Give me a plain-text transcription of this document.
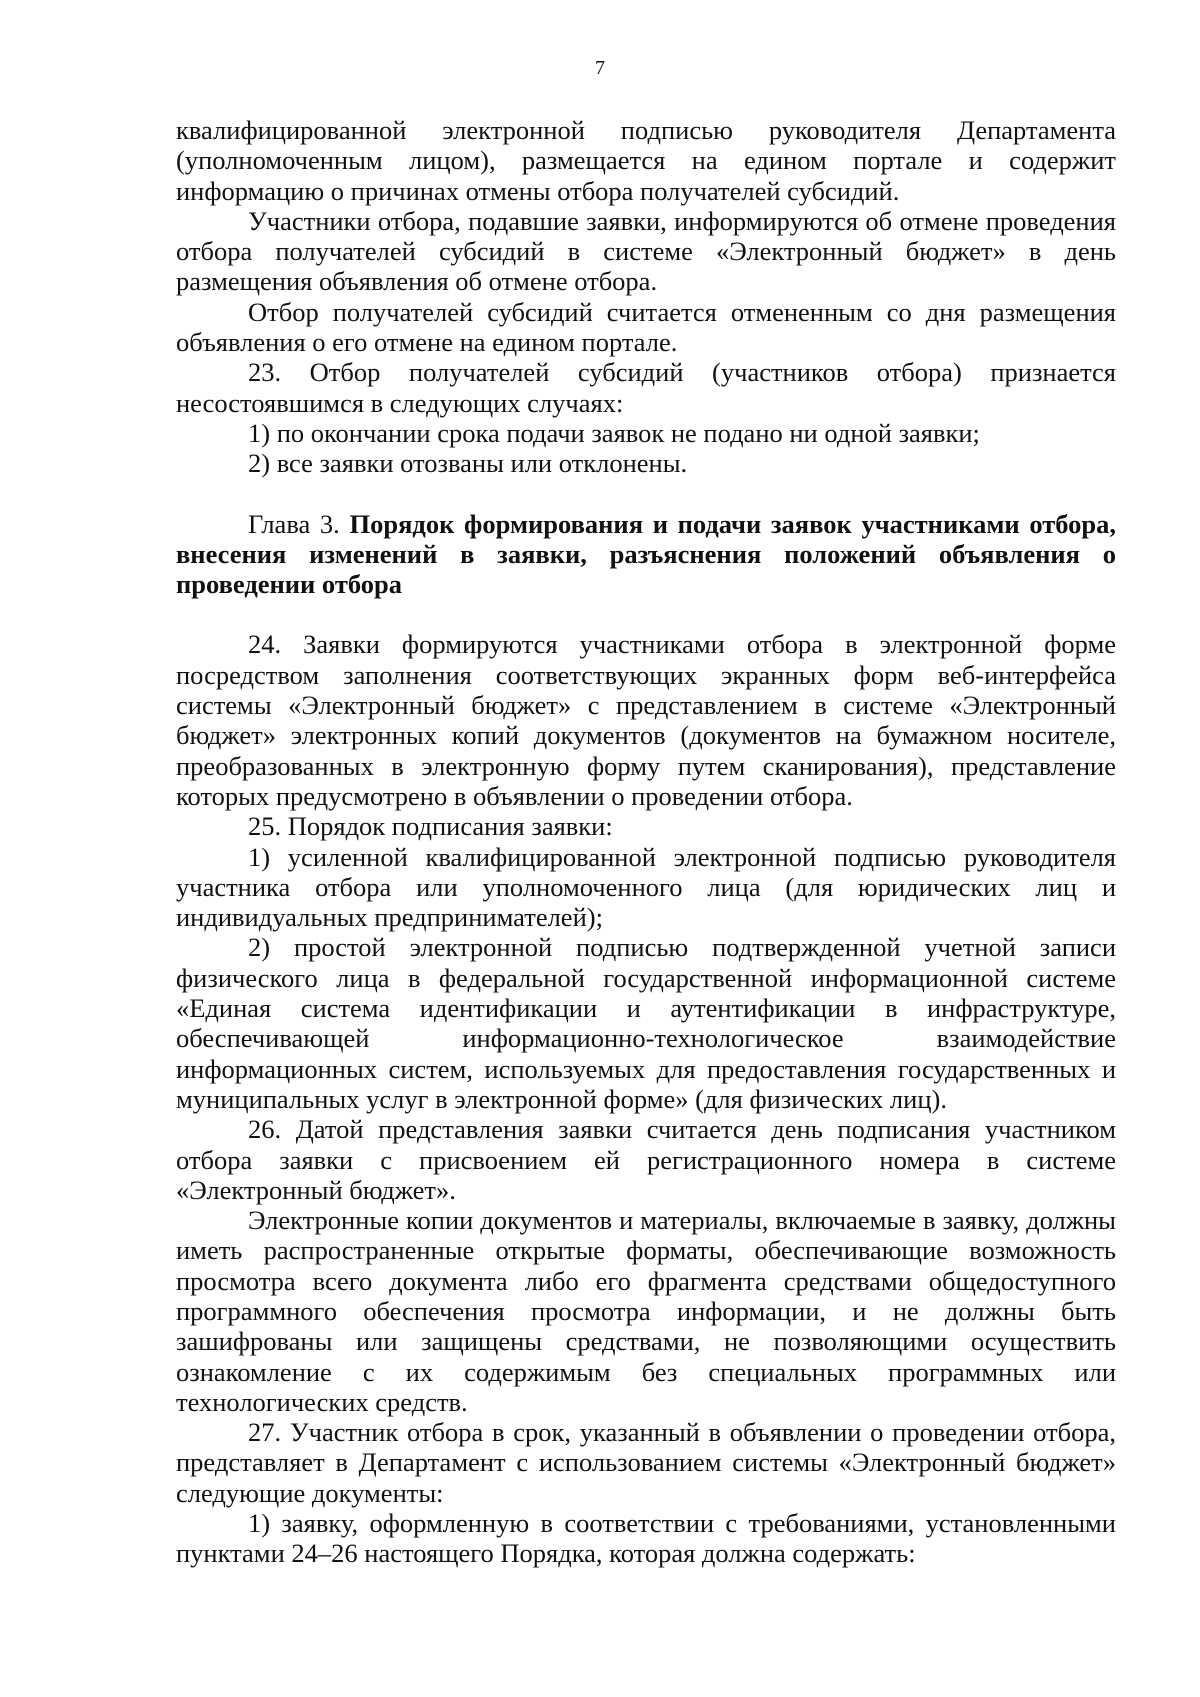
7

квалифицированной электронной подписью руководителя Департамента (уполномоченным лицом), размещается на едином портале и содержит информацию о причинах отмены отбора получателей субсидий.

Участники отбора, подавшие заявки, информируются об отмене проведения отбора получателей субсидий в системе «Электронный бюджет» в день размещения объявления об отмене отбора.

Отбор получателей субсидий считается отмененным со дня размещения объявления о его отмене на едином портале.

23. Отбор получателей субсидий (участников отбора) признается несостоявшимся в следующих случаях:

1) по окончании срока подачи заявок не подано ни одной заявки;

2) все заявки отозваны или отклонены.

Глава 3. Порядок формирования и подачи заявок участниками отбора, внесения изменений в заявки, разъяснения положений объявления о проведении отбора

24. Заявки формируются участниками отбора в электронной форме посредством заполнения соответствующих экранных форм веб-интерфейса системы «Электронный бюджет» с представлением в системе «Электронный бюджет» электронных копий документов (документов на бумажном носителе, преобразованных в электронную форму путем сканирования), представление которых предусмотрено в объявлении о проведении отбора.

25. Порядок подписания заявки:

1) усиленной квалифицированной электронной подписью руководителя участника отбора или уполномоченного лица (для юридических лиц и индивидуальных предпринимателей);

2) простой электронной подписью подтвержденной учетной записи физического лица в федеральной государственной информационной системе «Единая система идентификации и аутентификации в инфраструктуре, обеспечивающей информационно-технологическое взаимодействие информационных систем, используемых для предоставления государственных и муниципальных услуг в электронной форме» (для физических лиц).

26. Датой представления заявки считается день подписания участником отбора заявки с присвоением ей регистрационного номера в системе «Электронный бюджет».

Электронные копии документов и материалы, включаемые в заявку, должны иметь распространенные открытые форматы, обеспечивающие возможность просмотра всего документа либо его фрагмента средствами общедоступного программного обеспечения просмотра информации, и не должны быть зашифрованы или защищены средствами, не позволяющими осуществить ознакомление с их содержимым без специальных программных или технологических средств.

27. Участник отбора в срок, указанный в объявлении о проведении отбора, представляет в Департамент с использованием системы «Электронный бюджет» следующие документы:

1) заявку, оформленную в соответствии с требованиями, установленными пунктами 24–26 настоящего Порядка, которая должна содержать:
